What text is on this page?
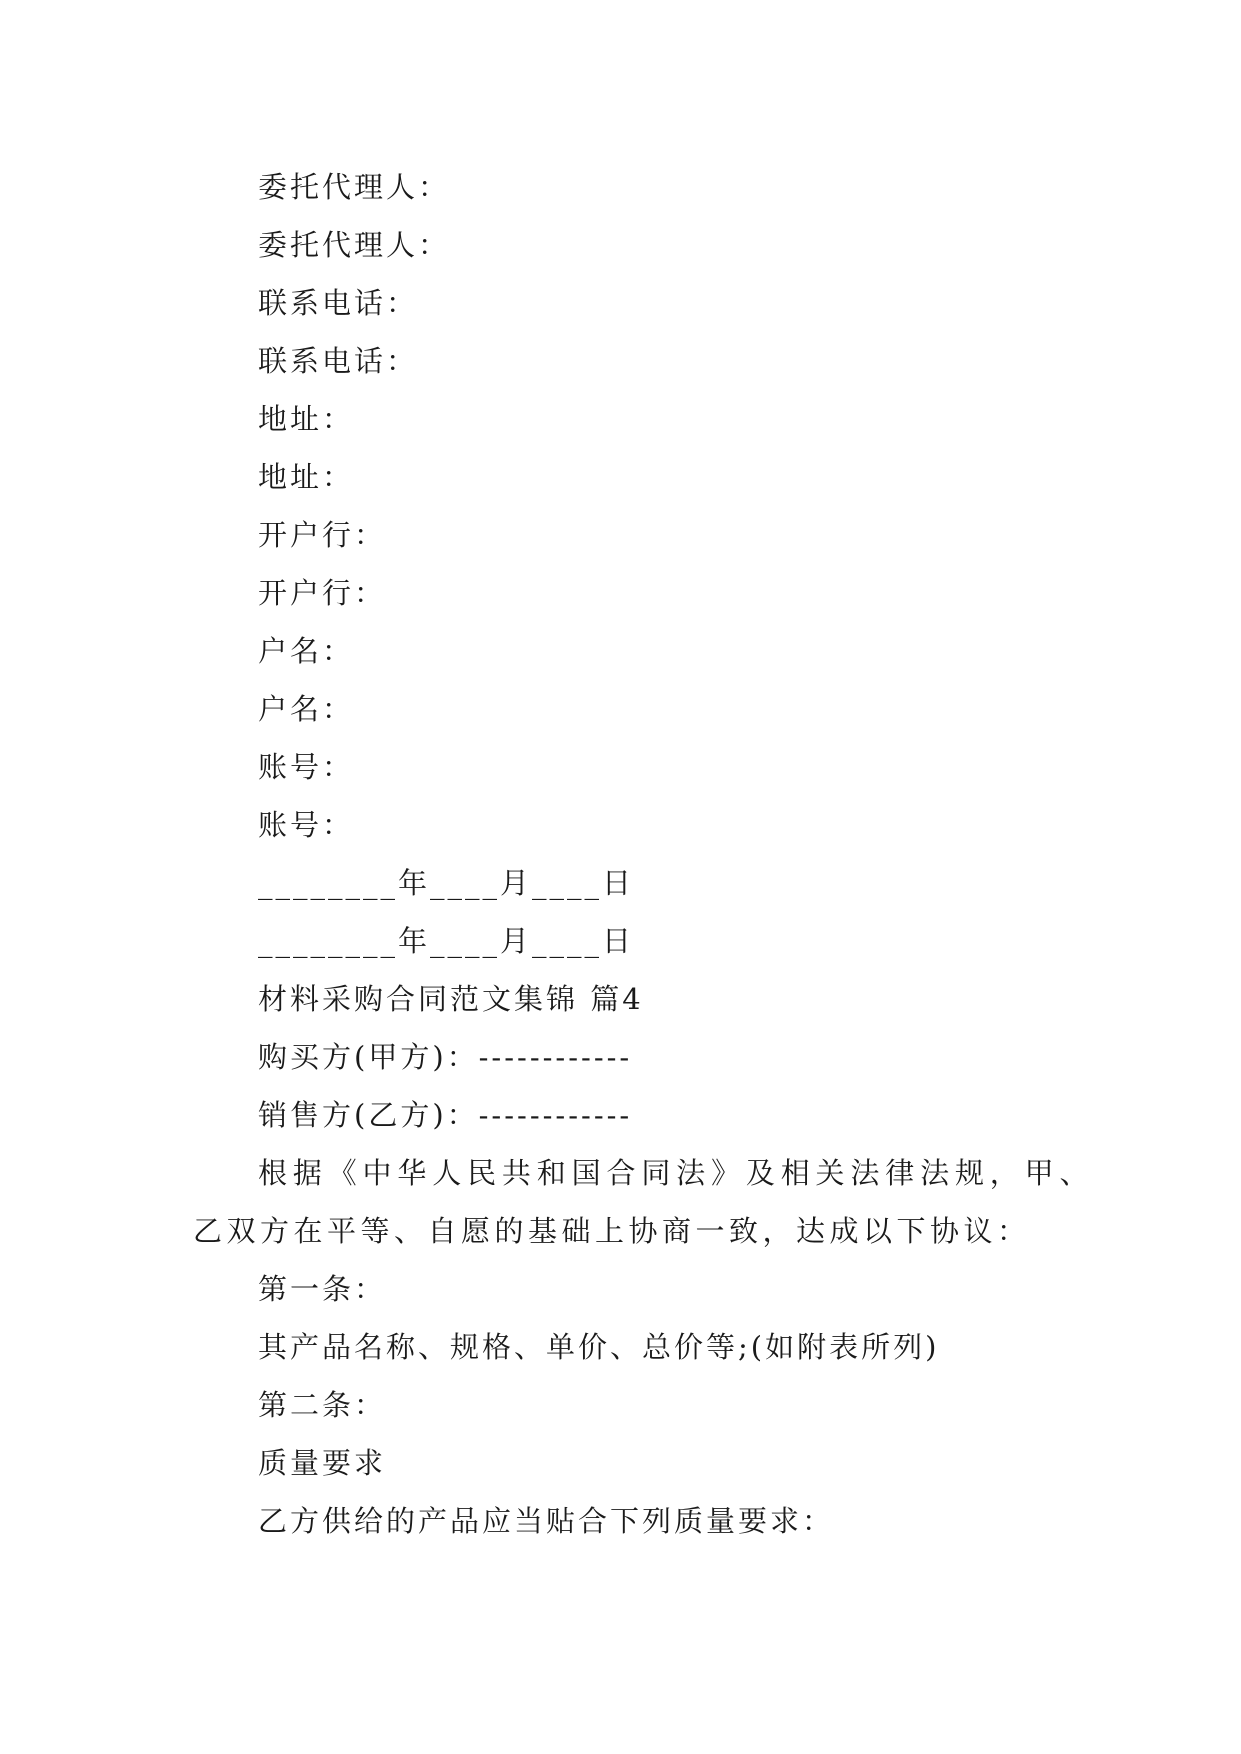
委托代理人：
委托代理人：
联系电话：
联系电话：
地址：
地址：
开户行：
开户行：
户名：
户名：
账号：
账号：
________年____月____日
________年____月____日
材料采购合同范文集锦 篇4
购买方(甲方)：------------
销售方(乙方)：------------
根据《中华人民共和国合同法》及相关法律法规，甲、乙双方在平等、自愿的基础上协商一致，达成以下协议：
第一条：
其产品名称、规格、单价、总价等;(如附表所列)
第二条：
质量要求
乙方供给的产品应当贴合下列质量要求：
